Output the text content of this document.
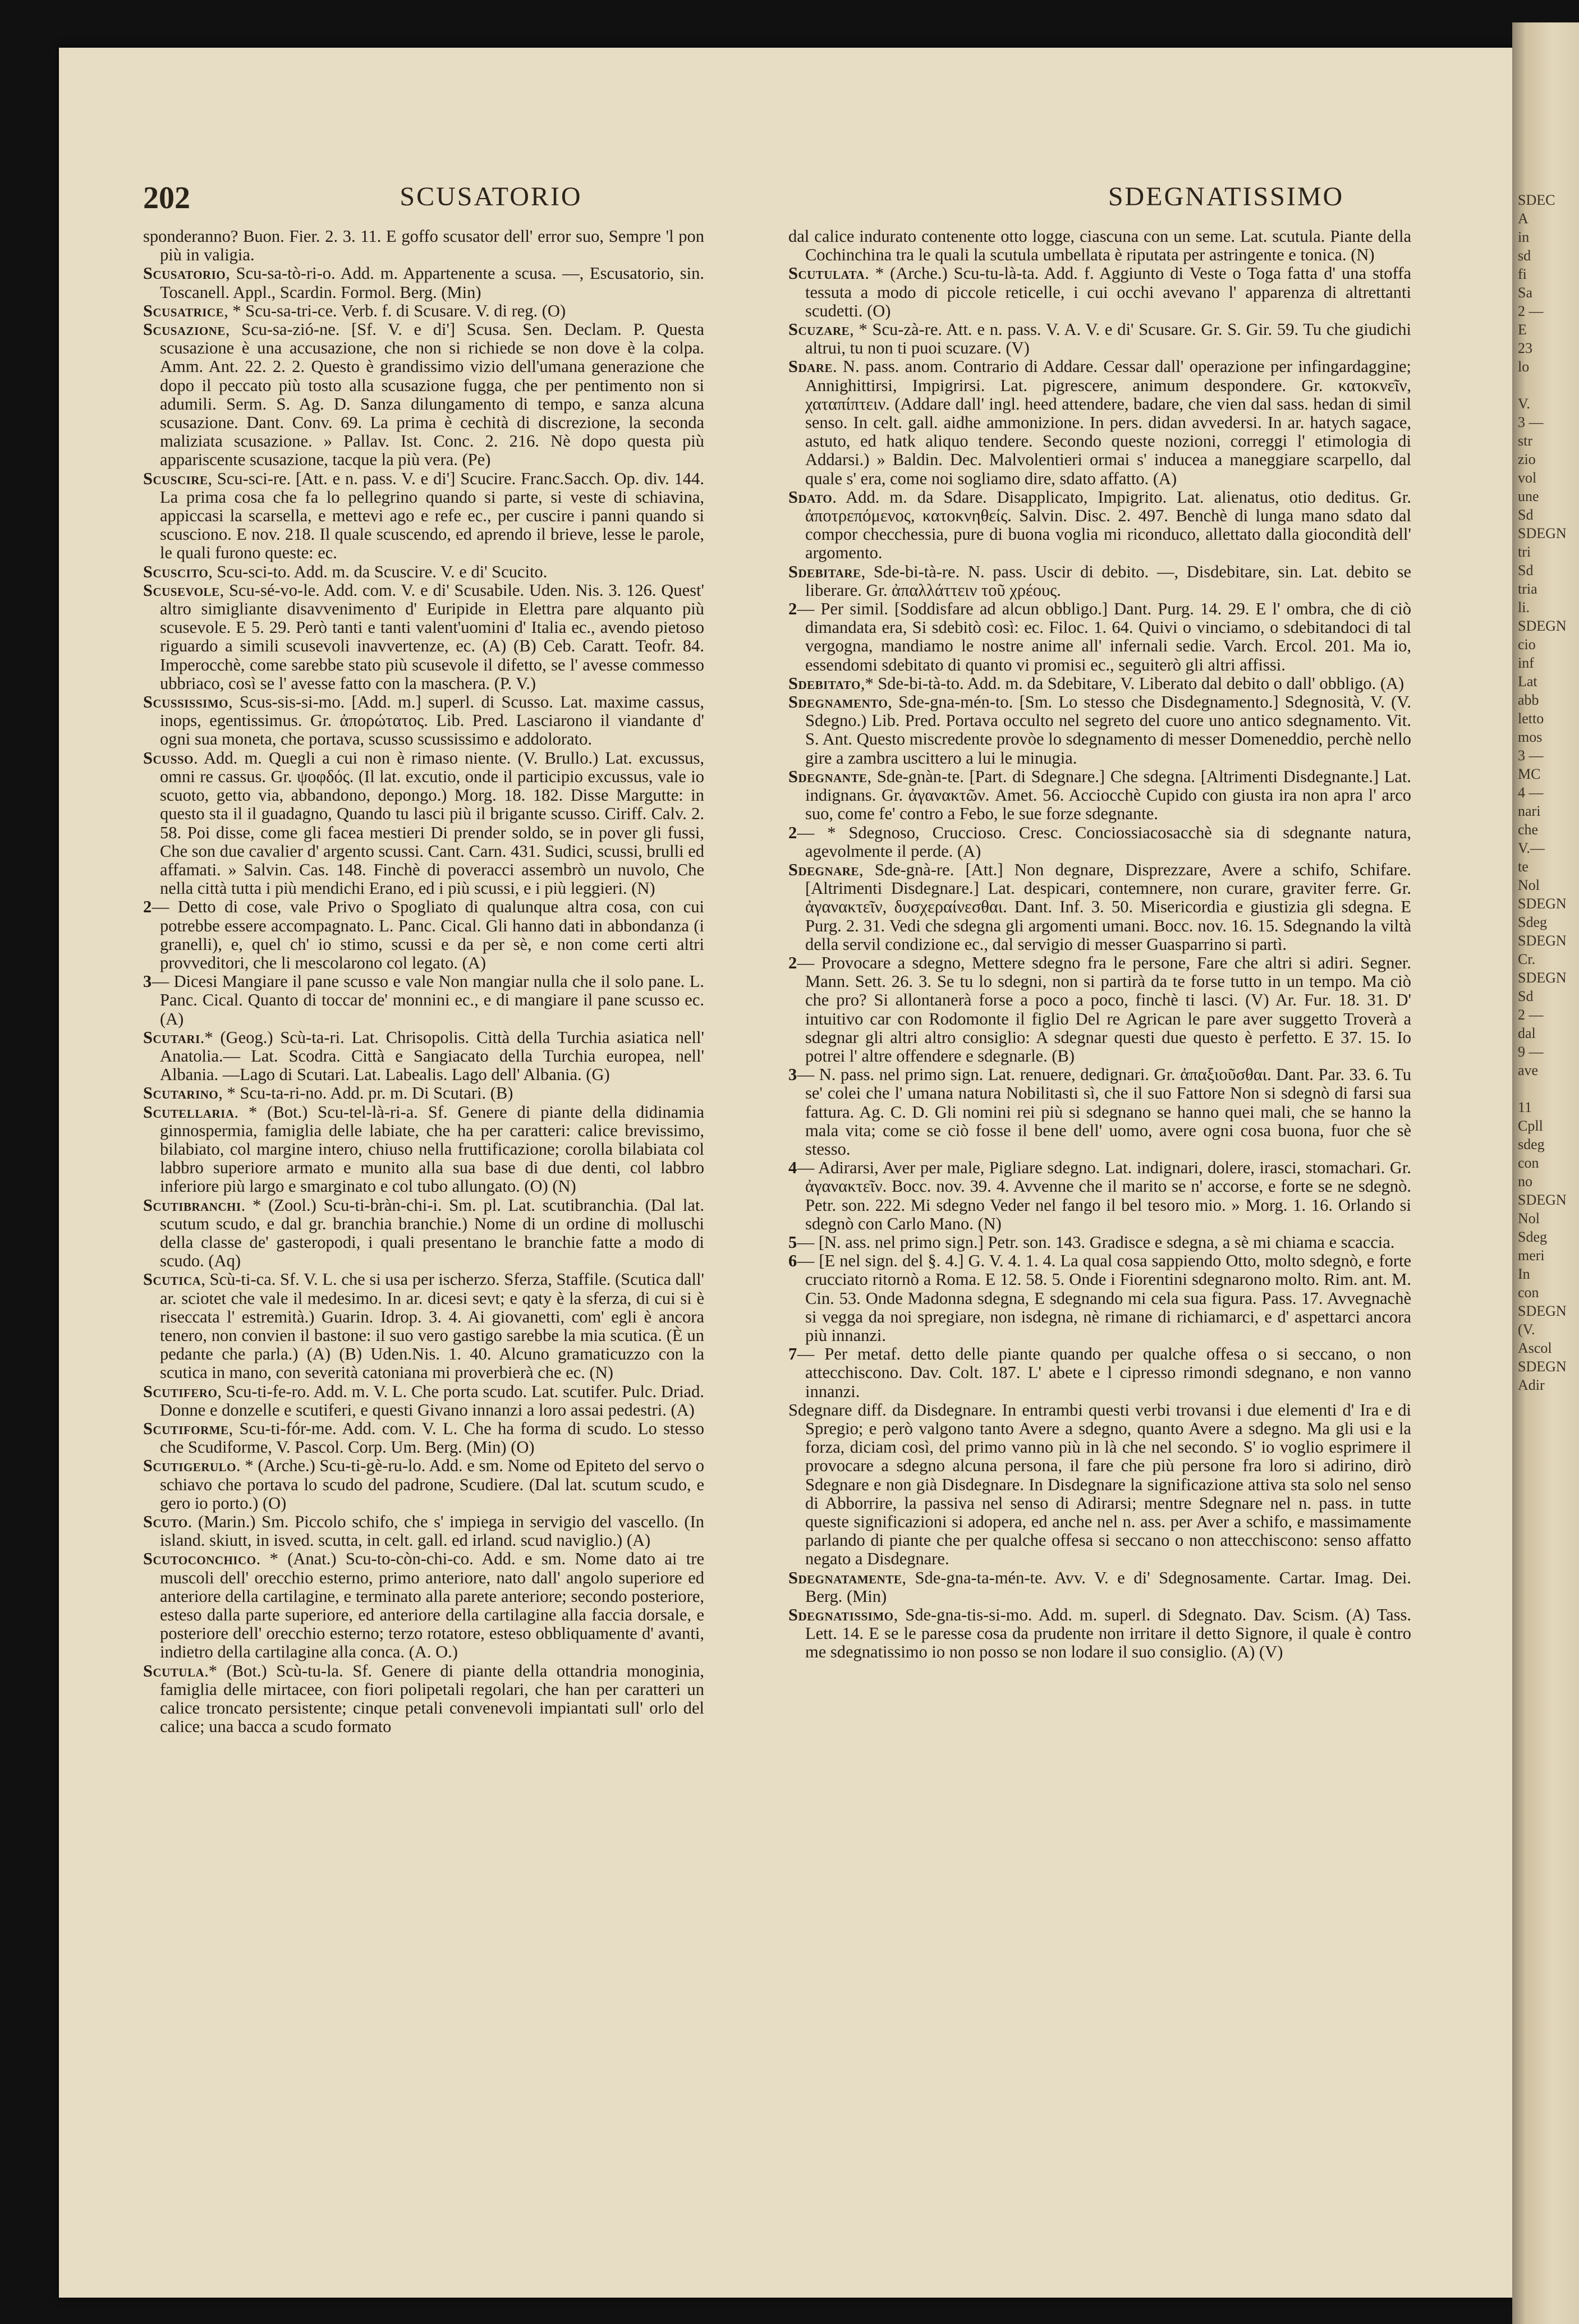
202	SCUSATORIO	SDEGNATISSIMO

sponderanno? Buon. Fier. 2. 3. 11. E goffo scusator dell' error suo, Sempre 'l pon più in valigia.

Scusatorio, Scu-sa-tò-ri-o. Add. m. Appartenente a scusa. —, Escusatorio, sin. Toscanell. Appl., Scardin. Formol. Berg. (Min)

Scusatrice, * Scu-sa-tri-ce. Verb. f. di Scusare. V. di reg. (O)

Scusazione, Scu-sa-zió-ne. [Sf. V. e di'] Scusa. Sen. Declam. P. Questa scusazione è una accusazione, che non si richiede se non dove è la colpa. Amm. Ant. 22. 2. 2. Questo è grandissimo vizio dell'umana generazione che dopo il peccato più tosto alla scusazione fugga, che per pentimento non si adumili. Serm. S. Ag. D. Sanza dilungamento di tempo, e sanza alcuna scusazione. Dant. Conv. 69. La prima è cechità di discrezione, la seconda maliziata scusazione. » Pallav. Ist. Conc. 2. 216. Nè dopo questa più appariscente scusazione, tacque la più vera. (Pe)

Scuscire, Scu-sci-re. [Att. e n. pass. V. e di'] Scucire. Franc.Sacch. Op. div. 144. La prima cosa che fa lo pellegrino quando si parte, si veste di schiavina, appiccasi la scarsella, e mettevi ago e refe ec., per cuscire i panni quando si scusciono. E nov. 218. Il quale scuscendo, ed aprendo il brieve, lesse le parole, le quali furono queste: ec.

Scuscito, Scu-sci-to. Add. m. da Scuscire. V. e di' Scucito.

Scusevole, Scu-sé-vo-le. Add. com. V. e di' Scusabile. Uden. Nis. 3. 126. Quest' altro simigliante disavvenimento d' Euripide in Elettra pare alquanto più scusevole. E 5. 29. Però tanti e tanti valent'uomini d' Italia ec., avendo pietoso riguardo a simili scusevoli inavvertenze, ec. (A) (B) Ceb. Caratt. Teofr. 84. Imperocchè, come sarebbe stato più scusevole il difetto, se l' avesse commesso ubbriaco, così se l' avesse fatto con la maschera. (P. V.)

Scussissimo, Scus-sis-si-mo. [Add. m.] superl. di Scusso. Lat. maxime cassus, inops, egentissimus. Gr. ἀπορώτατος. Lib. Pred. Lasciarono il viandante d' ogni sua moneta, che portava, scusso scussissimo e addolorato.

Scusso. Add. m. Quegli a cui non è rimaso niente. (V. Brullo.) Lat. excussus, omni re cassus. Gr. ψοφδός. (Il lat. excutio, onde il participio excussus, vale io scuoto, getto via, abbandono, depongo.) Morg. 18. 182. Disse Margutte: in questo sta il il guadagno, Quando tu lasci più il brigante scusso. Ciriff. Calv. 2. 58. Poi disse, come gli facea mestieri Di prender soldo, se in pover gli fussi, Che son due cavalier d' argento scussi. Cant. Carn. 431. Sudici, scussi, brulli ed affamati. » Salvin. Cas. 148. Finchè di poveracci assembrò un nuvolo, Che nella città tutta i più mendichi Erano, ed i più scussi, e i più leggieri. (N)

2— Detto di cose, vale Privo o Spogliato di qualunque altra cosa, con cui potrebbe essere accompagnato. L. Panc. Cical. Gli hanno dati in abbondanza (i granelli), e, quel ch' io stimo, scussi e da per sè, e non come certi altri provveditori, che li mescolarono col legato. (A)

3— Dicesi Mangiare il pane scusso e vale Non mangiar nulla che il solo pane. L. Panc. Cical. Quanto di toccar de' monnini ec., e di mangiare il pane scusso ec. (A)

Scutari.* (Geog.) Scù-ta-ri. Lat. Chrisopolis. Città della Turchia asiatica nell' Anatolia.— Lat. Scodra. Città e Sangiacato della Turchia europea, nell' Albania. —Lago di Scutari. Lat. Labealis. Lago dell' Albania. (G)

Scutarino, * Scu-ta-ri-no. Add. pr. m. Di Scutari. (B)

Scutellaria. * (Bot.) Scu-tel-là-ri-a. Sf. Genere di piante della didinamia ginnospermia, famiglia delle labiate, che ha per caratteri: calice brevissimo, bilabiato, col margine intero, chiuso nella fruttificazione; corolla bilabiata col labbro superiore armato e munito alla sua base di due denti, col labbro inferiore più largo e smarginato e col tubo allungato. (O) (N)

Scutibranchi. * (Zool.) Scu-ti-bràn-chi-i. Sm. pl. Lat. scutibranchia. (Dal lat. scutum scudo, e dal gr. branchia branchie.) Nome di un ordine di molluschi della classe de' gasteropodi, i quali presentano le branchie fatte a modo di scudo. (Aq)

Scutica, Scù-ti-ca. Sf. V. L. che si usa per ischerzo. Sferza, Staffile. (Scutica dall' ar. sciotet che vale il medesimo. In ar. dicesi sevt; e qaty è la sferza, di cui si è riseccata l' estremità.) Guarin. Idrop. 3. 4. Ai giovanetti, com' egli è ancora tenero, non convien il bastone: il suo vero gastigo sarebbe la mia scutica. (È un pedante che parla.) (A) (B) Uden.Nis. 1. 40. Alcuno gramaticuzzo con la scutica in mano, con severità catoniana mi proverbierà che ec. (N)

Scutifero, Scu-ti-fe-ro. Add. m. V. L. Che porta scudo. Lat. scutifer. Pulc. Driad. Donne e donzelle e scutiferi, e questi Givano innanzi a loro assai pedestri. (A)

Scutiforme, Scu-ti-fór-me. Add. com. V. L. Che ha forma di scudo. Lo stesso che Scudiforme, V. Pascol. Corp. Um. Berg. (Min) (O)

Scutigerulo. * (Arche.) Scu-ti-gè-ru-lo. Add. e sm. Nome od Epiteto del servo o schiavo che portava lo scudo del padrone, Scudiere. (Dal lat. scutum scudo, e gero io porto.) (O)

Scuto. (Marin.) Sm. Piccolo schifo, che s' impiega in servigio del vascello. (In island. skiutt, in isved. scutta, in celt. gall. ed irland. scud naviglio.) (A)

Scutoconchico. * (Anat.) Scu-to-còn-chi-co. Add. e sm. Nome dato ai tre muscoli dell' orecchio esterno, primo anteriore, nato dall' angolo superiore ed anteriore della cartilagine, e terminato alla parete anteriore; secondo posteriore, esteso dalla parte superiore, ed anteriore della cartilagine alla faccia dorsale, e posteriore dell' orecchio esterno; terzo rotatore, esteso obbliquamente d' avanti, indietro della cartilagine alla conca. (A. O.)

Scutula.* (Bot.) Scù-tu-la. Sf. Genere di piante della ottandria monoginia, famiglia delle mirtacee, con fiori polipetali regolari, che han per caratteri un calice troncato persistente; cinque petali convenevoli impiantati sull' orlo del calice; una bacca a scudo formato

dal calice indurato contenente otto logge, ciascuna con un seme. Lat. scutula. Piante della Cochinchina tra le quali la scutula umbellata è riputata per astringente e tonica. (N)

Scutulata. * (Arche.) Scu-tu-là-ta. Add. f. Aggiunto di Veste o Toga fatta d' una stoffa tessuta a modo di piccole reticelle, i cui occhi avevano l' apparenza di altrettanti scudetti. (O)

Scuzare, * Scu-zà-re. Att. e n. pass. V. A. V. e di' Scusare. Gr. S. Gir. 59. Tu che giudichi altrui, tu non ti puoi scuzare. (V)

Sdare. N. pass. anom. Contrario di Addare. Cessar dall' operazione per infingardaggine; Annighittirsi, Impigrirsi. Lat. pigrescere, animum despondere. Gr. κατοκνεῖν, χαταπίπτειν. (Addare dall' ingl. heed attendere, badare, che vien dal sass. hedan di simil senso. In celt. gall. aidhe ammonizione. In pers. didan avvedersi. In ar. hatych sagace, astuto, ed hatk aliquo tendere. Secondo queste nozioni, correggi l' etimologia di Addarsi.) » Baldin. Dec. Malvolentieri ormai s' inducea a maneggiare scarpello, dal quale s' era, come noi sogliamo dire, sdato affatto. (A)

Sdato. Add. m. da Sdare. Disapplicato, Impigrito. Lat. alienatus, otio deditus. Gr. ἀποτρεπόμενος, κατοκνηθείς. Salvin. Disc. 2. 497. Benchè di lunga mano sdato dal compor checchessia, pure di buona voglia mi riconduco, allettato dalla giocondità dell' argomento.

Sdebitare, Sde-bi-tà-re. N. pass. Uscir di debito. —, Disdebitare, sin. Lat. debito se liberare. Gr. ἀπαλλάττειν τοῦ χρέους.

2— Per simil. [Soddisfare ad alcun obbligo.] Dant. Purg. 14. 29. E l' ombra, che di ciò dimandata era, Si sdebitò così: ec. Filoc. 1. 64. Quivi o vinciamo, o sdebitandoci di tal vergogna, mandiamo le nostre anime all' infernali sedie. Varch. Ercol. 201. Ma io, essendomi sdebitato di quanto vi promisi ec., seguiterò gli altri affissi.

Sdebitato,* Sde-bi-tà-to. Add. m. da Sdebitare, V. Liberato dal debito o dall' obbligo. (A)

Sdegnamento, Sde-gna-mén-to. [Sm. Lo stesso che Disdegnamento.] Sdegnosità, V. (V. Sdegno.) Lib. Pred. Portava occulto nel segreto del cuore uno antico sdegnamento. Vit. S. Ant. Questo miscredente provòe lo sdegnamento di messer Domeneddio, perchè nello gire a zambra uscittero a lui le minugia.

Sdegnante, Sde-gnàn-te. [Part. di Sdegnare.] Che sdegna. [Altrimenti Disdegnante.] Lat. indignans. Gr. ἀγανακτῶν. Amet. 56. Acciocchè Cupido con giusta ira non apra l' arco suo, come fe' contro a Febo, le sue forze sdegnante.

2— * Sdegnoso, Cruccioso. Cresc. Conciossiacosacchè sia di sdegnante natura, agevolmente il perde. (A)

Sdegnare, Sde-gnà-re. [Att.] Non degnare, Disprezzare, Avere a schifo, Schifare. [Altrimenti Disdegnare.] Lat. despicari, contemnere, non curare, graviter ferre. Gr. ἀγανακτεῖν, δυσχεραίνεσθαι. Dant. Inf. 3. 50. Misericordia e giustizia gli sdegna. E Purg. 2. 31. Vedi che sdegna gli argomenti umani. Bocc. nov. 16. 15. Sdegnando la viltà della servil condizione ec., dal servigio di messer Guasparrino si partì.

2— Provocare a sdegno, Mettere sdegno fra le persone, Fare che altri si adiri. Segner. Mann. Sett. 26. 3. Se tu lo sdegni, non si partirà da te forse tutto in un tempo. Ma ciò che pro? Si allontanerà forse a poco a poco, finchè ti lasci. (V) Ar. Fur. 18. 31. D' intuitivo car con Rodomonte il figlio Del re Agrican le pare aver suggetto Troverà a sdegnar gli altri altro consiglio: A sdegnar questi due questo è perfetto. E 37. 15. Io potrei l' altre offendere e sdegnarle. (B)

3— N. pass. nel primo sign. Lat. renuere, dedignari. Gr. ἀπαξιοῦσθαι. Dant. Par. 33. 6. Tu se' colei che l' umana natura Nobilitasti sì, che il suo Fattore Non si sdegnò di farsi sua fattura. Ag. C. D. Gli nomini rei più si sdegnano se hanno quei mali, che se hanno la mala vita; come se ciò fosse il bene dell' uomo, avere ogni cosa buona, fuor che sè stesso.

4— Adirarsi, Aver per male, Pigliare sdegno. Lat. indignari, dolere, irasci, stomachari. Gr. ἀγανακτεῖν. Bocc. nov. 39. 4. Avvenne che il marito se n' accorse, e forte se ne sdegnò. Petr. son. 222. Mi sdegno Veder nel fango il bel tesoro mio. » Morg. 1. 16. Orlando si sdegnò con Carlo Mano. (N)

5— [N. ass. nel primo sign.] Petr. son. 143. Gradisce e sdegna, a sè mi chiama e scaccia.

6— [E nel sign. del §. 4.] G. V. 4. 1. 4. La qual cosa sappiendo Otto, molto sdegnò, e forte crucciato ritornò a Roma. E 12. 58. 5. Onde i Fiorentini sdegnarono molto. Rim. ant. M. Cin. 53. Onde Madonna sdegna, E sdegnando mi cela sua figura. Pass. 17. Avvegnachè si vegga da noi spregiare, non isdegna, nè rimane di richiamarci, e d' aspettarci ancora più innanzi.

7— Per metaf. detto delle piante quando per qualche offesa o si seccano, o non attecchiscono. Dav. Colt. 187. L' abete e l cipresso rimondi sdegnano, e non vanno innanzi.

Sdegnare diff. da Disdegnare. In entrambi questi verbi trovansi i due elementi d' Ira e di Spregio; e però valgono tanto Avere a sdegno, quanto Avere a sdegno. Ma gli usi e la forza, diciam così, del primo vanno più in là che nel secondo. S' io voglio esprimere il provocare a sdegno alcuna persona, il fare che più persone fra loro si adirino, dirò Sdegnare e non già Disdegnare. In Disdegnare la significazione attiva sta solo nel senso di Abborrire, la passiva nel senso di Adirarsi; mentre Sdegnare nel n. pass. in tutte queste significazioni si adopera, ed anche nel n. ass. per Aver a schifo, e massimamente parlando di piante che per qualche offesa si seccano o non attecchiscono: senso affatto negato a Disdegnare.

Sdegnatamente, Sde-gna-ta-mén-te. Avv. V. e di' Sdegnosamente. Cartar. Imag. Dei. Berg. (Min)

Sdegnatissimo, Sde-gna-tis-si-mo. Add. m. superl. di Sdegnato. Dav. Scism. (A) Tass. Lett. 14. E se le paresse cosa da prudente non irritare il detto Signore, il quale è contro me sdegnatissimo io non posso se non lodare il suo consiglio. (A) (V)

SDEC
A
in
sd
fi
Sa
2 —
E
23
lo

V.
3 —
str
zio
vol
une
Sd
SDEGN
tri
Sd
tria
li.
SDEGN
cio
inf
Lat
abb
letto
mos
3 —
MC
4 —
nari
che
V.—
te
Nol
SDEGN
Sdeg
SDEGN
Cr.
SDEGN
Sd
2 —
dal
9 —
ave

11
Cpll
sdeg
con
no
SDEGN
Nol
Sdeg
meri
In
con
SDEGN
(V.
Ascol
SDEGN
Adir
